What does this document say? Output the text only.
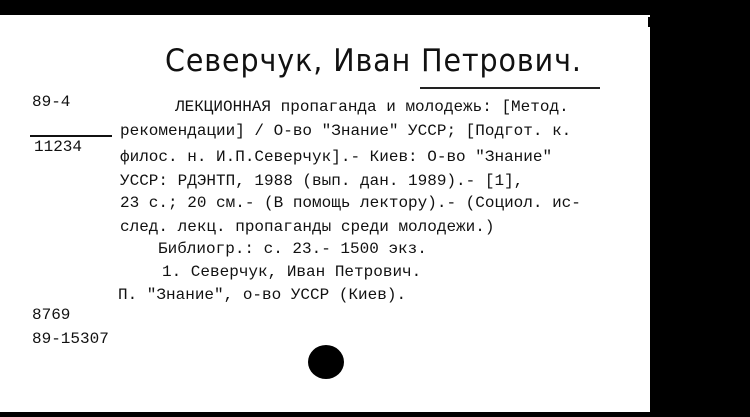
Северчук, Иван Петрович.
89-4
11234
ЛЕКЦИОННАЯ пропаганда и молодежь: [Метод.
рекомендации] / О-во "Знание" УССР; [Подгот. к.
филос. н. И.П.Северчук].- Киев: О-во "Знание"
УССР: РДЭНТП, 1988 (вып. дан. 1989).- [1],
23 с.; 20 см.- (В помощь лектору).- (Социол. ис-
след. лекц. пропаганды среди молодежи.)
Библиогр.: с. 23.- 1500 экз.
1. Северчук, Иван Петрович.
П. "Знание", о-во УССР (Киев).
8769
89-15307
